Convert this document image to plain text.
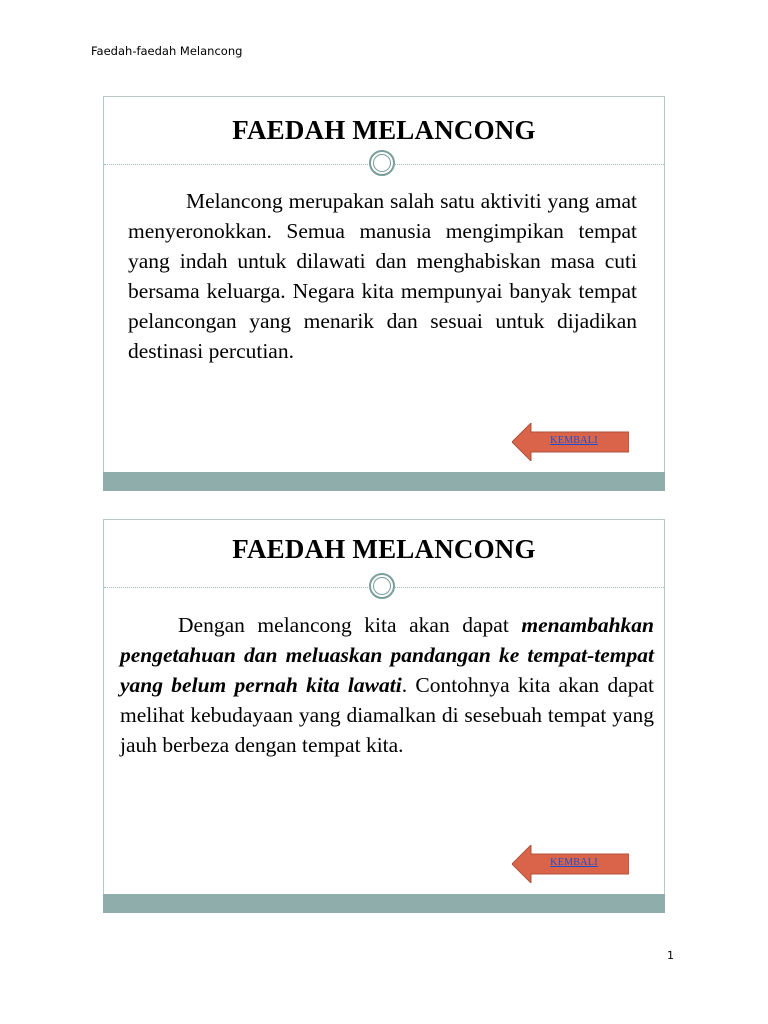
Faedah-faedah Melancong
FAEDAH MELANCONG
Melancong merupakan salah satu aktiviti yang amat menyeronokkan. Semua manusia mengimpikan tempat yang indah untuk dilawati dan menghabiskan masa cuti bersama keluarga. Negara kita mempunyai banyak tempat pelancongan yang menarik dan sesuai untuk dijadikan destinasi percutian.
KEMBALI
FAEDAH MELANCONG
Dengan melancong kita akan dapat menambahkan pengetahuan dan meluaskan pandangan ke tempat-tempat yang belum pernah kita lawati. Contohnya kita akan dapat melihat kebudayaan yang diamalkan di sesebuah tempat yang jauh berbeza dengan tempat kita.
KEMBALI
1
